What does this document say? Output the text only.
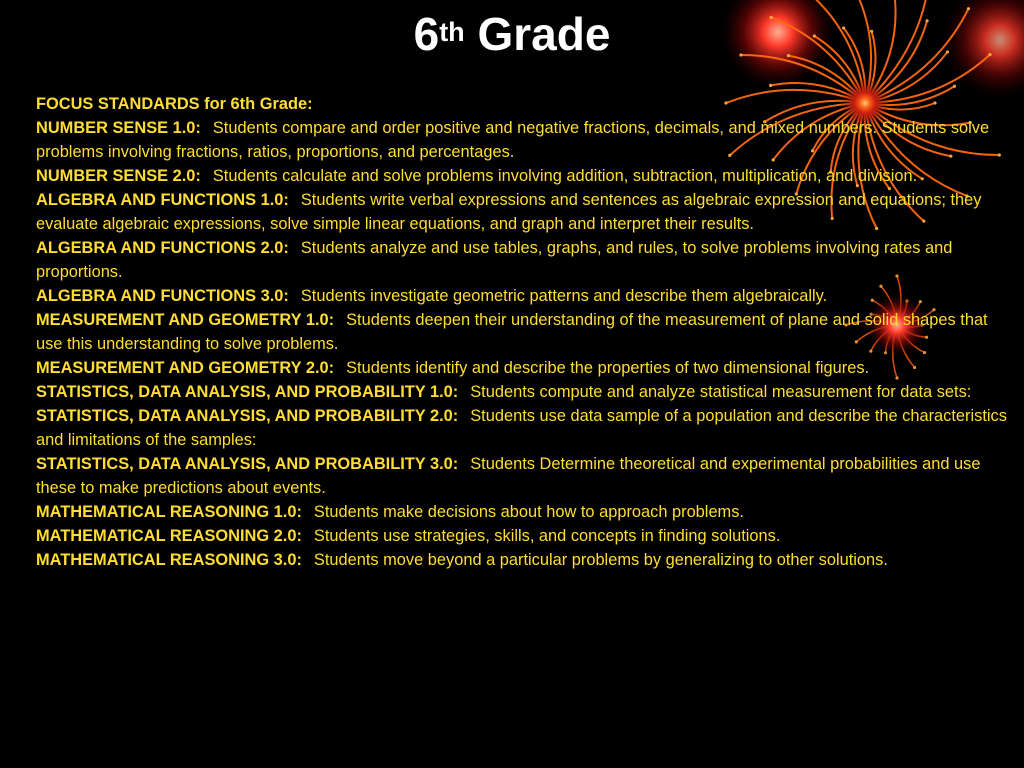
6th Grade

FOCUS STANDARDS for 6th Grade:

NUMBER SENSE 1.0: Students compare and order positive and negative fractions, decimals, and mixed numbers. Students solve problems involving fractions, ratios, proportions, and percentages.

NUMBER SENSE 2.0: Students calculate and solve problems involving addition, subtraction, multiplication, and division.

ALGEBRA AND FUNCTIONS 1.0: Students write verbal expressions and sentences as algebraic expression and equations; they evaluate algebraic expressions, solve simple linear equations, and graph and interpret their results.

ALGEBRA AND FUNCTIONS 2.0: Students analyze and use tables, graphs, and rules, to solve problems involving rates and proportions.

ALGEBRA AND FUNCTIONS 3.0: Students investigate geometric patterns and describe them algebraically.

MEASUREMENT AND GEOMETRY 1.0: Students deepen their understanding of the measurement of plane and solid shapes that use this understanding to solve problems.

MEASUREMENT AND GEOMETRY 2.0: Students identify and describe the properties of two dimensional figures.

STATISTICS, DATA ANALYSIS, AND PROBABILITY 1.0: Students compute and analyze statistical measurement for data sets:

STATISTICS, DATA ANALYSIS, AND PROBABILITY 2.0: Students use data sample of a population and describe the characteristics and limitations of the samples:

STATISTICS, DATA ANALYSIS, AND PROBABILITY 3.0: Students Determine theoretical and experimental probabilities and use these to make predictions about events.

MATHEMATICAL REASONING 1.0: Students make decisions about how to approach problems.

MATHEMATICAL REASONING 2.0: Students use strategies, skills, and concepts in finding solutions.

MATHEMATICAL REASONING 3.0: Students move beyond a particular problems by generalizing to other solutions.
